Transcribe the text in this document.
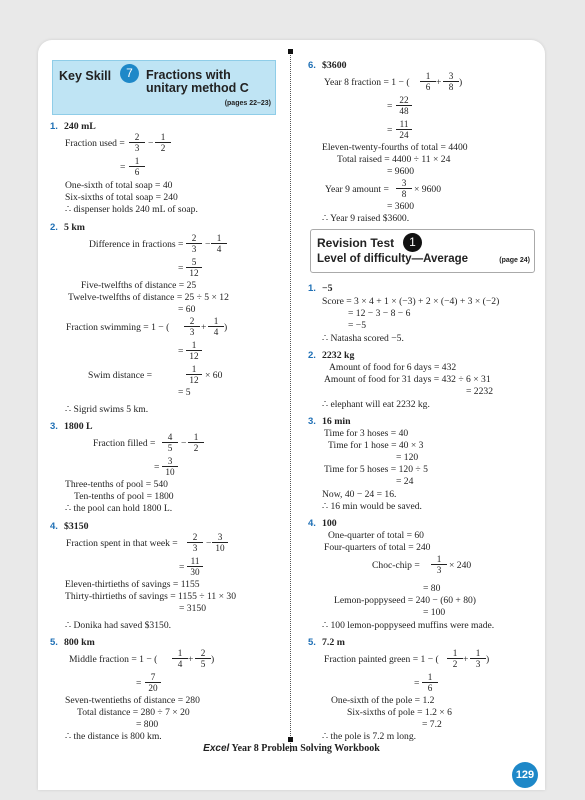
Key Skill	7	Fractions with
unitary method C
(pages 22–23)
1. 240 mL
Fraction used = $\frac{2}{3} - \frac{1}{2}$
= $\frac{1}{6}$
One-sixth of total soap = 40
Six-sixths of total soap = 240
∴ dispenser holds 240 mL of soap.
2. 5 km
Difference in fractions = $\frac{2}{3} - \frac{1}{4}$
= $\frac{5}{12}$
Five-twelfths of distance = 25
Twelve-twelfths of distance = 25 ÷ 5 × 12
= 60
Fraction swimming = 1 − ( $\frac{2}{3} + \frac{1}{4}$ )
= $\frac{1}{12}$
Swim distance =	$\frac{1}{12} \times 60$
= 5
∴ Sigrid swims 5 km.
3. 1800 L
Fraction filled = $\frac{4}{5} - \frac{1}{2}$
= $\frac{3}{10}$
Three-tenths of pool = 540
Ten-tenths of pool = 1800
∴ the pool can hold 1800 L.
4. $3150
Fraction spent in that week = $\frac{2}{3} - \frac{3}{10}$
= $\frac{11}{30}$
Eleven-thirtieths of savings = 1155
Thirty-thirtieths of savings = 1155 ÷ 11 × 30
= 3150
∴ Donika had saved $3150.
5. 800 km
Middle fraction = 1 − ( $\frac{1}{4} + \frac{2}{5}$ )
= $\frac{7}{20}$
Seven-twentieths of distance = 280
Total distance = 280 ÷ 7 × 20
= 800
∴ the distance is 800 km.
6. $3600
Year 8 fraction = 1 − ( $\frac{1}{6} + \frac{3}{8}$ )
= $\frac{22}{48}$
= $\frac{11}{24}$
Eleven-twenty-fourths of total = 4400
Total raised = 4400 ÷ 11 × 24
= 9600
Year 9 amount = $\frac{3}{8} \times 9600$
= 3600
∴ Year 9 raised $3600.
Revision Test	1
Level of difficulty—Average	(page 24)
1. −5
Score = 3 × 4 + 1 × (−3) + 2 × (−4) + 3 × (−2)
= 12 − 3 − 8 − 6
= −5
∴ Natasha scored −5.
2. 2232 kg
Amount of food for 6 days = 432
Amount of food for 31 days = 432 ÷ 6 × 31
= 2232
∴ elephant will eat 2232 kg.
3. 16 min
Time for 3 hoses = 40
Time for 1 hose = 40 × 3
= 120
Time for 5 hoses = 120 ÷ 5
= 24
Now, 40 − 24 = 16.
∴ 16 min would be saved.
4. 100
One-quarter of total = 60
Four-quarters of total = 240
Choc-chip = $\frac{1}{3} \times 240$
= 80
Lemon-poppyseed = 240 − (60 + 80)
= 100
∴ 100 lemon-poppyseed muffins were made.
5. 7.2 m
Fraction painted green = 1 − ( $\frac{1}{2} + \frac{1}{3}$ )
= $\frac{1}{6}$
One-sixth of the pole = 1.2
Six-sixths of pole = 1.2 × 6
= 7.2
∴ the pole is 7.2 m long.
Excel Year 8 Problem Solving Workbook
129
